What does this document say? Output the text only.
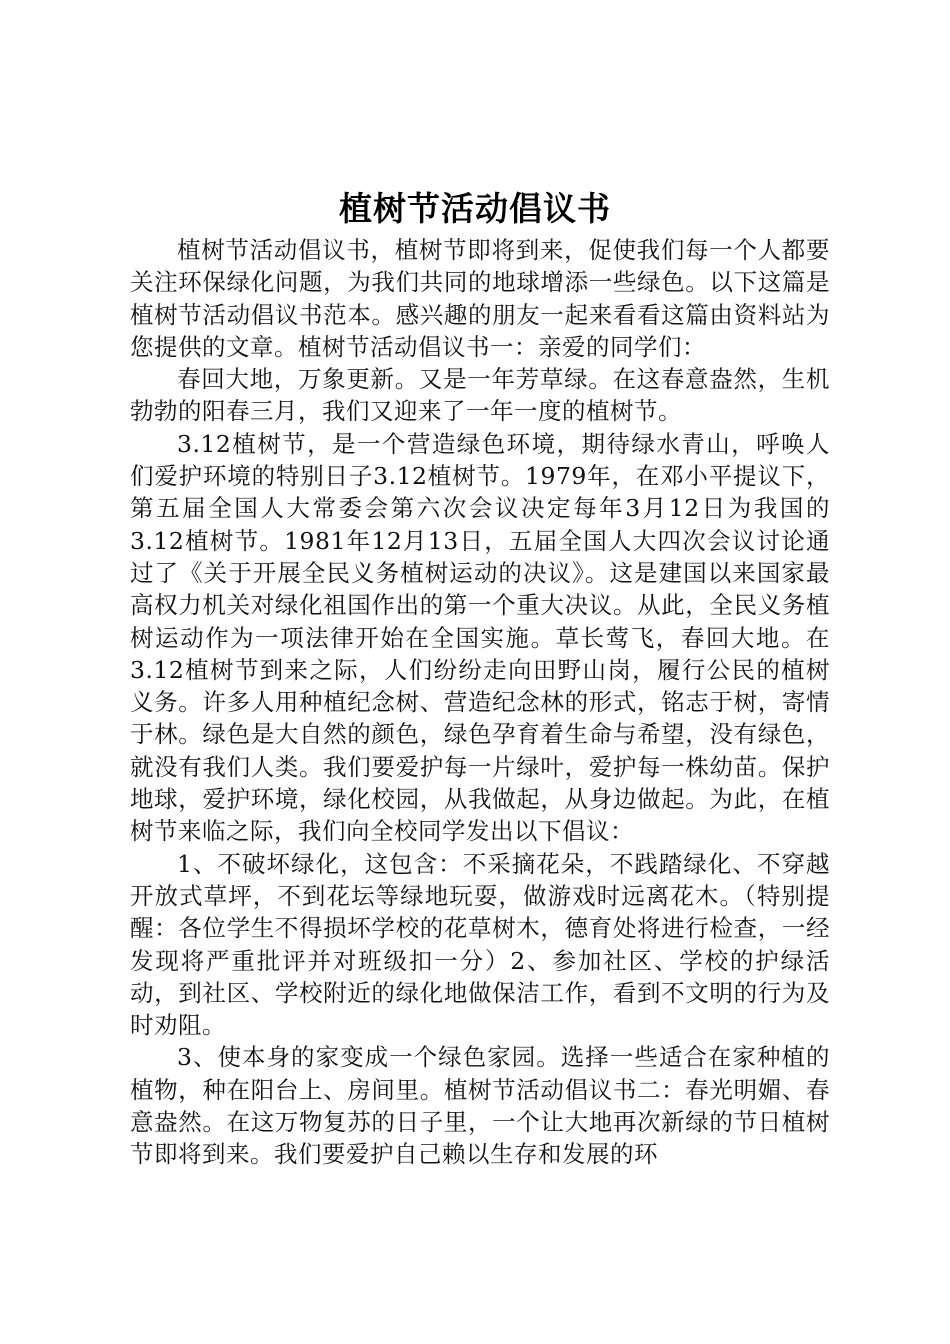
植树节活动倡议书

植树节活动倡议书，植树节即将到来，促使我们每一个人都要关注环保绿化问题，为我们共同的地球增添一些绿色。以下这篇是植树节活动倡议书范本。感兴趣的朋友一起来看看这篇由资料站为您提供的文章。植树节活动倡议书一：亲爱的同学们：

春回大地，万象更新。又是一年芳草绿。在这春意盎然，生机勃勃的阳春三月，我们又迎来了一年一度的植树节。

3.12植树节，是一个营造绿色环境，期待绿水青山，呼唤人们爱护环境的特别日子3.12植树节。1979年，在邓小平提议下，第五届全国人大常委会第六次会议决定每年3月12日为我国的3.12植树节。1981年12月13日，五届全国人大四次会议讨论通过了《关于开展全民义务植树运动的决议》。这是建国以来国家最高权力机关对绿化祖国作出的第一个重大决议。从此，全民义务植树运动作为一项法律开始在全国实施。草长莺飞，春回大地。在3.12植树节到来之际，人们纷纷走向田野山岗，履行公民的植树义务。许多人用种植纪念树、营造纪念林的形式，铭志于树，寄情于林。绿色是大自然的颜色，绿色孕育着生命与希望，没有绿色，就没有我们人类。我们要爱护每一片绿叶，爱护每一株幼苗。保护地球，爱护环境，绿化校园，从我做起，从身边做起。为此，在植树节来临之际，我们向全校同学发出以下倡议：

1、不破坏绿化，这包含：不采摘花朵，不践踏绿化、不穿越开放式草坪，不到花坛等绿地玩耍，做游戏时远离花木。（特别提醒：各位学生不得损坏学校的花草树木，德育处将进行检查，一经发现将严重批评并对班级扣一分）2、参加社区、学校的护绿活动，到社区、学校附近的绿化地做保洁工作，看到不文明的行为及时劝阻。

3、使本身的家变成一个绿色家园。选择一些适合在家种植的植物，种在阳台上、房间里。植树节活动倡议书二：春光明媚、春意盎然。在这万物复苏的日子里，一个让大地再次新绿的节日植树节即将到来。我们要爱护自己赖以生存和发展的环
